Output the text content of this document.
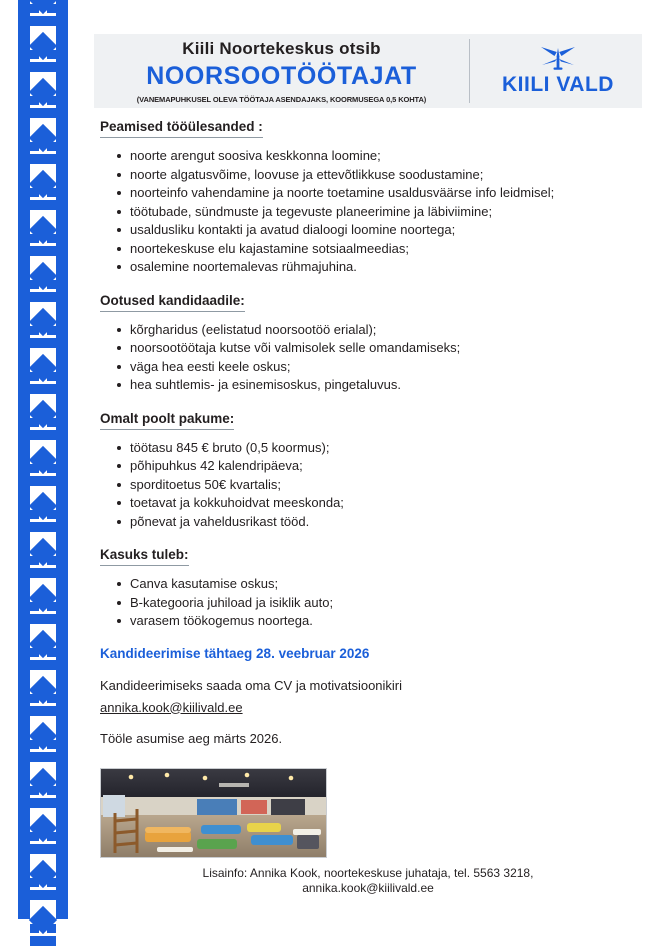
Kiili Noortekeskus otsib
NOORSOOTÖÖTAJAT
(VANEMAPUHKUSEL OLEVA TÖÖTAJA ASENDAJAKS, KOORMUSEGA 0,5 KOHTA)
KIILI VALD
Peamised tööülesanded :
noorte arengut soosiva keskkonna loomine;
noorte algatusvõime, loovuse ja ettevõtlikkuse soodustamine;
noorteinfo vahendamine ja noorte toetamine usaldusväärse info leidmisel;
töötubade, sündmuste ja tegevuste planeerimine ja läbiviimine;
usaldusliku kontakti ja avatud dialoogi loomine noortega;
noortekeskuse elu kajastamine sotsiaalmeedias;
osalemine noortemalevas rühmajuhina.
Ootused kandidaadile:
kõrgharidus (eelistatud noorsootöö erialal);
noorsootöötaja kutse või valmisolek selle omandamiseks;
väga hea eesti keele oskus;
hea suhtlemis- ja esinemisoskus, pingetaluvus.
Omalt poolt pakume:
töötasu 845 € bruto (0,5 koormus);
põhipuhkus 42 kalendripäeva;
sporditoetus 50€ kvartalis;
toetavat ja kokkuhoidvat meeskonda;
põnevat ja vaheldusrikast tööd.
Kasuks tuleb:
Canva kasutamise oskus;
B-kategooria juhiload ja isiklik auto;
varasem töökogemus noortega.
Kandideerimise tähtaeg 28. veebruar 2026
Kandideerimiseks saada oma CV ja motivatsioonikiri
annika.kook@kiilivald.ee
Tööle asumise aeg märts 2026.
Lisainfo: Annika Kook, noortekeskuse juhataja, tel. 5563 3218,
annika.kook@kiilivald.ee
